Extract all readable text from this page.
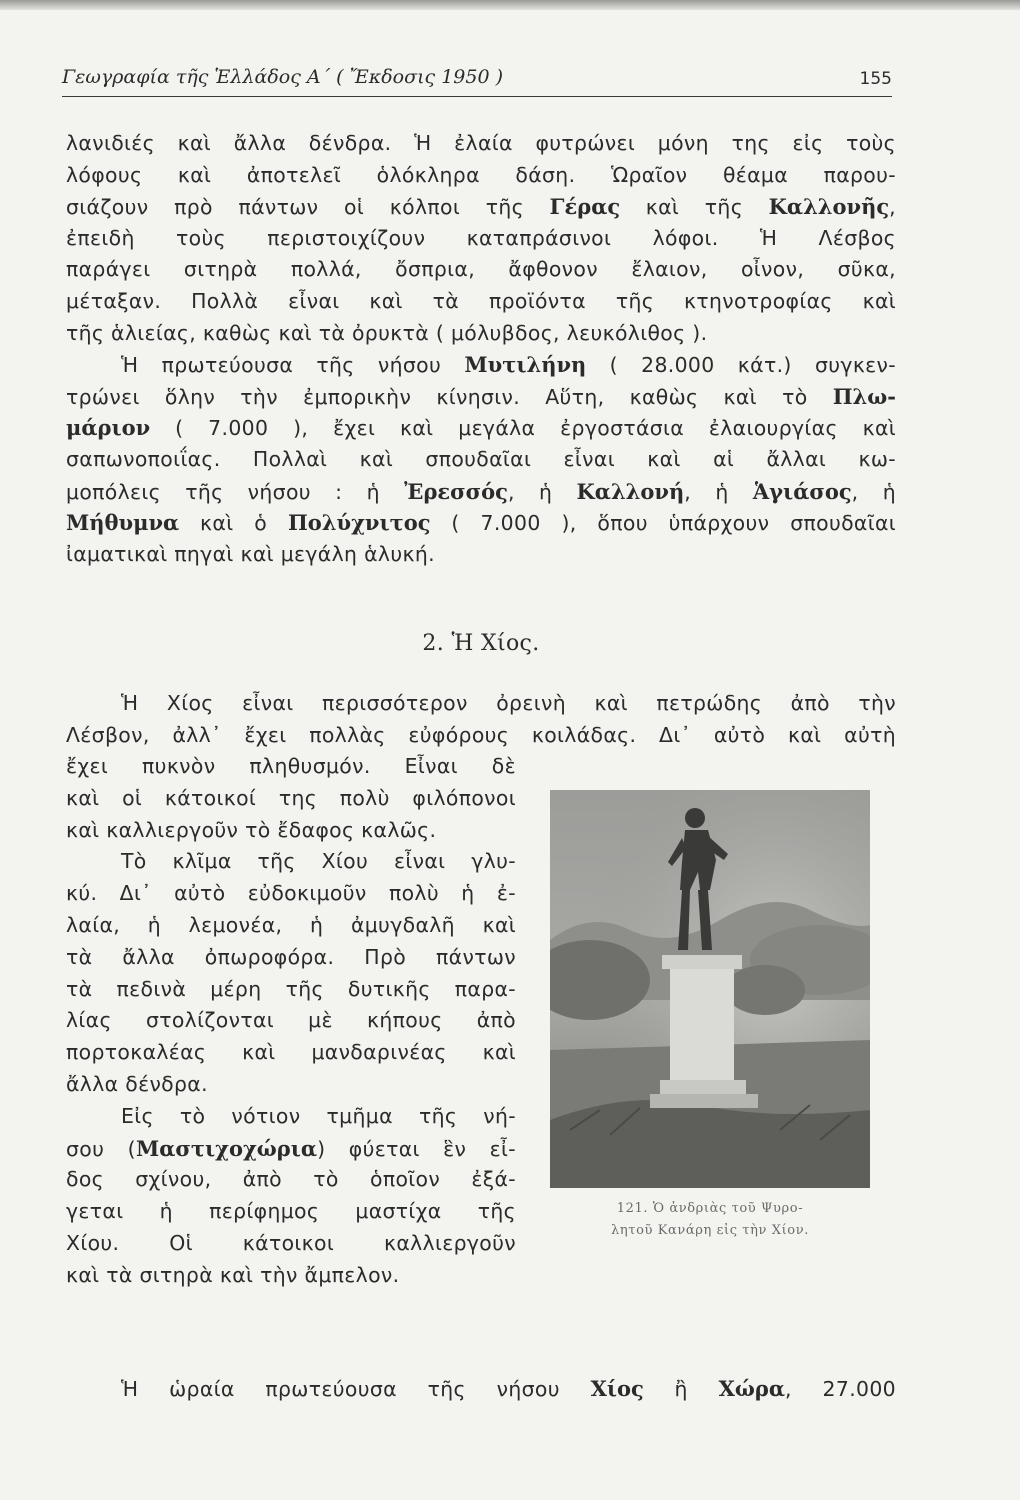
Γεωγραφία τῆς Ἑλλάδος Α΄ ( Ἔκδοσις 1950 )	155
λανιδιές καὶ ἄλλα δένδρα. Ἡ ἐλαία φυτρώνει μόνη της εἰς τοὺς
λόφους καὶ ἀποτελεῖ ὁλόκληρα δάση. Ὡραῖον θέαμα παρου-
σιάζουν πρὸ πάντων οἱ κόλποι τῆς Γέρας καὶ τῆς Καλλονῆς,
ἐπειδὴ τοὺς περιστοιχίζουν καταπράσινοι λόφοι. Ἡ Λέσβος
παράγει σιτηρὰ πολλά, ὄσπρια, ἄφθονον ἔλαιον, οἶνον, σῦκα,
μέταξαν. Πολλὰ εἶναι καὶ τὰ προϊόντα τῆς κτηνοτροφίας καὶ
τῆς ἁλιείας, καθὼς καὶ τὰ ὀρυκτὰ ( μόλυβδος, λευκόλιθος ).
Ἡ πρωτεύουσα τῆς νήσου Μυτιλήνη ( 28.000 κάτ.) συγκεν-
τρώνει ὅλην τὴν ἐμπορικὴν κίνησιν. Αὕτη, καθὼς καὶ τὸ Πλω-
μάριον ( 7.000 ), ἔχει καὶ μεγάλα ἐργοστάσια ἐλαιουργίας καὶ
σαπωνοποιΐας. Πολλαὶ καὶ σπουδαῖαι εἶναι καὶ αἱ ἄλλαι κω-
μοπόλεις τῆς νήσου : ἡ Ἐρεσσός, ἡ Καλλονή, ἡ Ἁγιάσος, ἡ
Μήθυμνα καὶ ὁ Πολύχνιτος ( 7.000 ), ὅπου ὑπάρχουν σπουδαῖαι
ἰαματικαὶ πηγαὶ καὶ μεγάλη ἁλυκή.
2. Ἡ Χίος.
Ἡ Χίος εἶναι περισσότερον ὀρεινὴ καὶ πετρώδης ἀπὸ τὴν
Λέσβον, ἀλλ᾿ ἔχει πολλὰς εὐφόρους κοιλάδας. Δι᾿ αὐτὸ καὶ αὐτὴ
ἔχει πυκνὸν πληθυσμόν. Εἶναι δὲ
καὶ οἱ κάτοικοί της πολὺ φιλόπονοι
καὶ καλλιεργοῦν τὸ ἔδαφος καλῶς.
Τὸ κλῖμα τῆς Χίου εἶναι γλυ-
κύ. Δι᾿ αὐτὸ εὐδοκιμοῦν πολὺ ἡ ἐ-
λαία, ἡ λεμονέα, ἡ ἀμυγδαλῆ καὶ
τὰ ἄλλα ὀπωροφόρα. Πρὸ πάντων
τὰ πεδινὰ μέρη τῆς δυτικῆς παρα-
λίας στολίζονται μὲ κήπους ἀπὸ
πορτοκαλέας καὶ μανδαρινέας καὶ
ἄλλα δένδρα.
Εἰς τὸ νότιον τμῆμα τῆς νή-
σου (Μαστιχοχώρια) φύεται ἓν εἶ-
δος σχίνου, ἀπὸ τὸ ὁποῖον ἐξά-
γεται ἡ περίφημος μαστίχα τῆς
Χίου. Οἱ κάτοικοι καλλιεργοῦν
καὶ τὰ σιτηρὰ καὶ τὴν ἄμπελον.
Ἡ ὡραία πρωτεύουσα τῆς νήσου Χίος ἢ Χώρα, 27.000
121. Ὁ ἀνδριὰς τοῦ Ψυρο-
λητοῦ Κανάρη εἰς τὴν Χίον.
